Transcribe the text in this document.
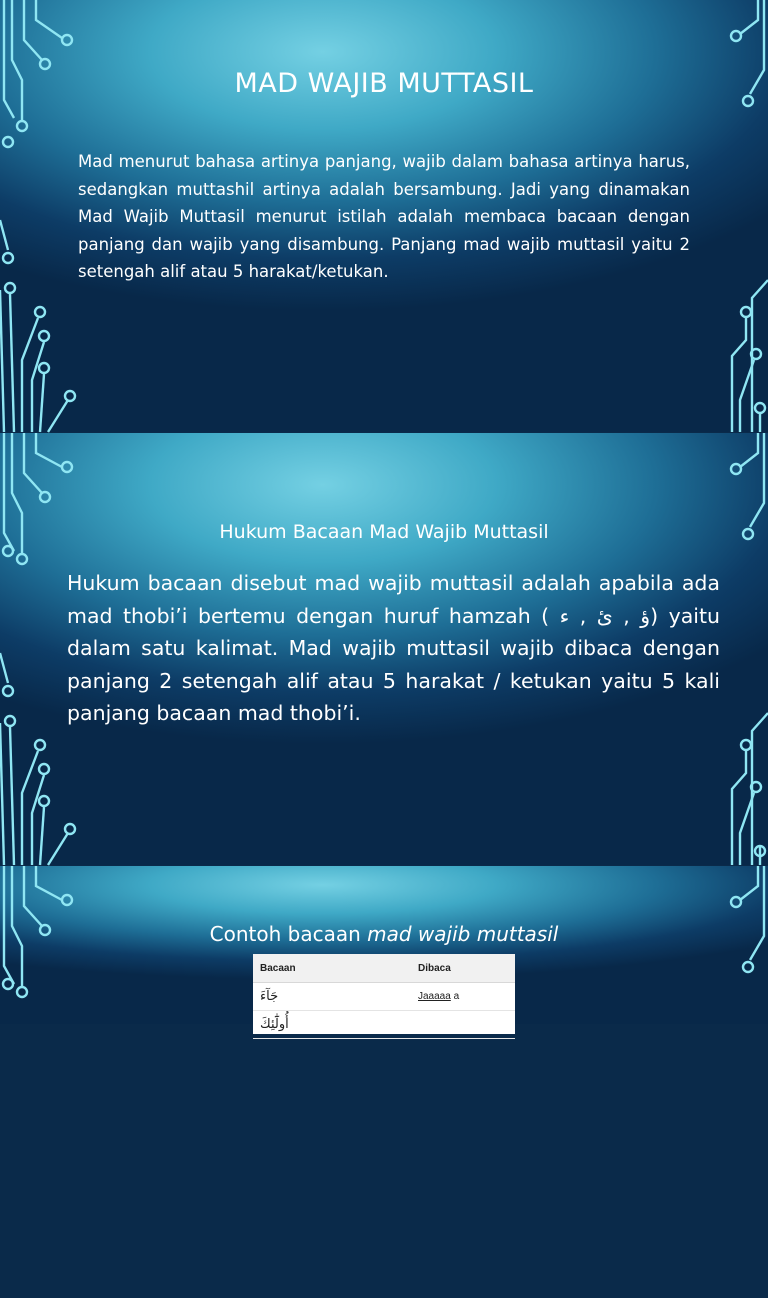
MAD WAJIB MUTTASIL
Mad menurut bahasa artinya panjang, wajib dalam bahasa artinya harus, sedangkan muttashil artinya adalah bersambung. Jadi yang dinamakan Mad Wajib Muttasil menurut istilah adalah membaca bacaan dengan panjang dan wajib yang disambung. Panjang mad wajib muttasil yaitu 2 setengah alif atau 5 harakat/ketukan.
Hukum Bacaan Mad Wajib Muttasil
Hukum bacaan disebut mad wajib muttasil adalah apabila ada mad thobi’i bertemu dengan huruf hamzah ( ؤ , ئ , ء) yaitu dalam satu kalimat. Mad wajib muttasil wajib dibaca dengan panjang 2 setengah alif atau 5 harakat / ketukan yaitu 5 kali panjang bacaan mad thobi’i.
Contoh bacaan mad wajib muttasil
Bacaan	Dibaca
جَآءَ	Jaaaaa a
أُولَٰٓئِكَ
